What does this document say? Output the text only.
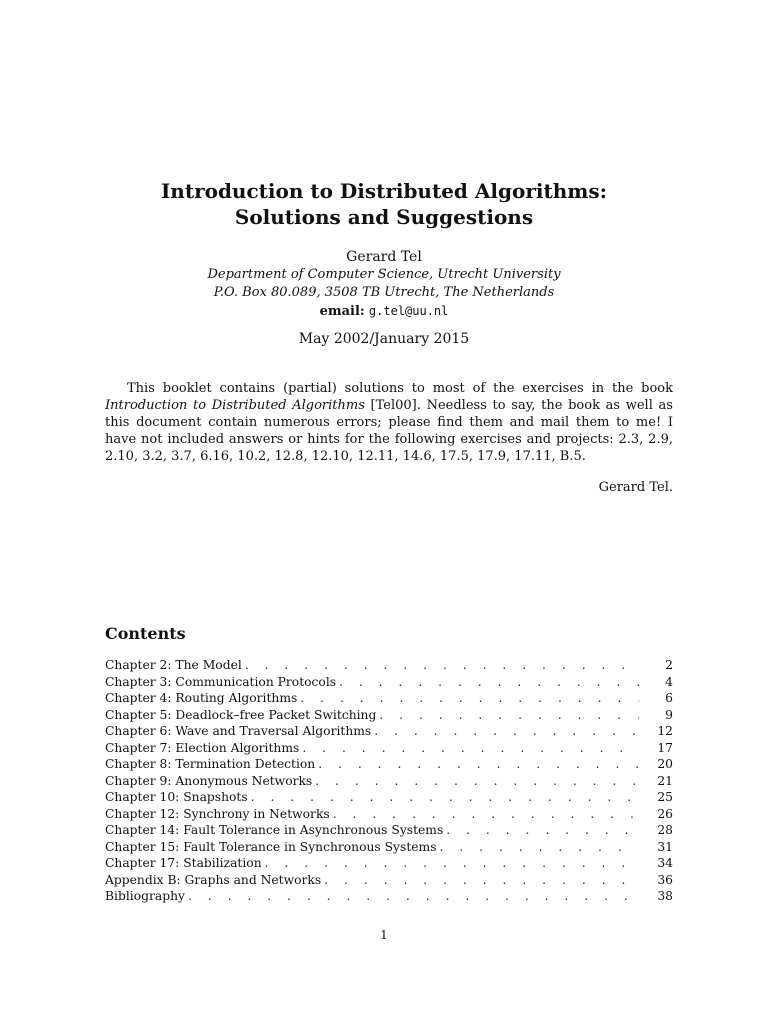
Introduction to Distributed Algorithms:
Solutions and Suggestions
Gerard Tel
Department of Computer Science, Utrecht University
P.O. Box 80.089, 3508 TB Utrecht, The Netherlands
email: g.tel@uu.nl
May 2002/January 2015

This booklet contains (partial) solutions to most of the exercises in the book Introduction to Distributed Algorithms [Tel00]. Needless to say, the book as well as this document contain numerous errors; please find them and mail them to me! I have not included answers or hints for the following exercises and projects: 2.3, 2.9, 2.10, 3.2, 3.7, 6.16, 10.2, 12.8, 12.10, 12.11, 14.6, 17.5, 17.9, 17.11, B.5.

Gerard Tel.
Contents
Chapter 2: The Model . . .	2
Chapter 3: Communication Protocols . . .	4
Chapter 4: Routing Algorithms . . .	6
Chapter 5: Deadlock–free Packet Switching . . .	9
Chapter 6: Wave and Traversal Algorithms . . .	12
Chapter 7: Election Algorithms . . .	17
Chapter 8: Termination Detection . . .	20
Chapter 9: Anonymous Networks . . .	21
Chapter 10: Snapshots . . .	25
Chapter 12: Synchrony in Networks . . .	26
Chapter 14: Fault Tolerance in Asynchronous Systems . . .	28
Chapter 15: Fault Tolerance in Synchronous Systems . . .	31
Chapter 17: Stabilization . . .	34
Appendix B: Graphs and Networks . . .	36
Bibliography . . .	38
1
